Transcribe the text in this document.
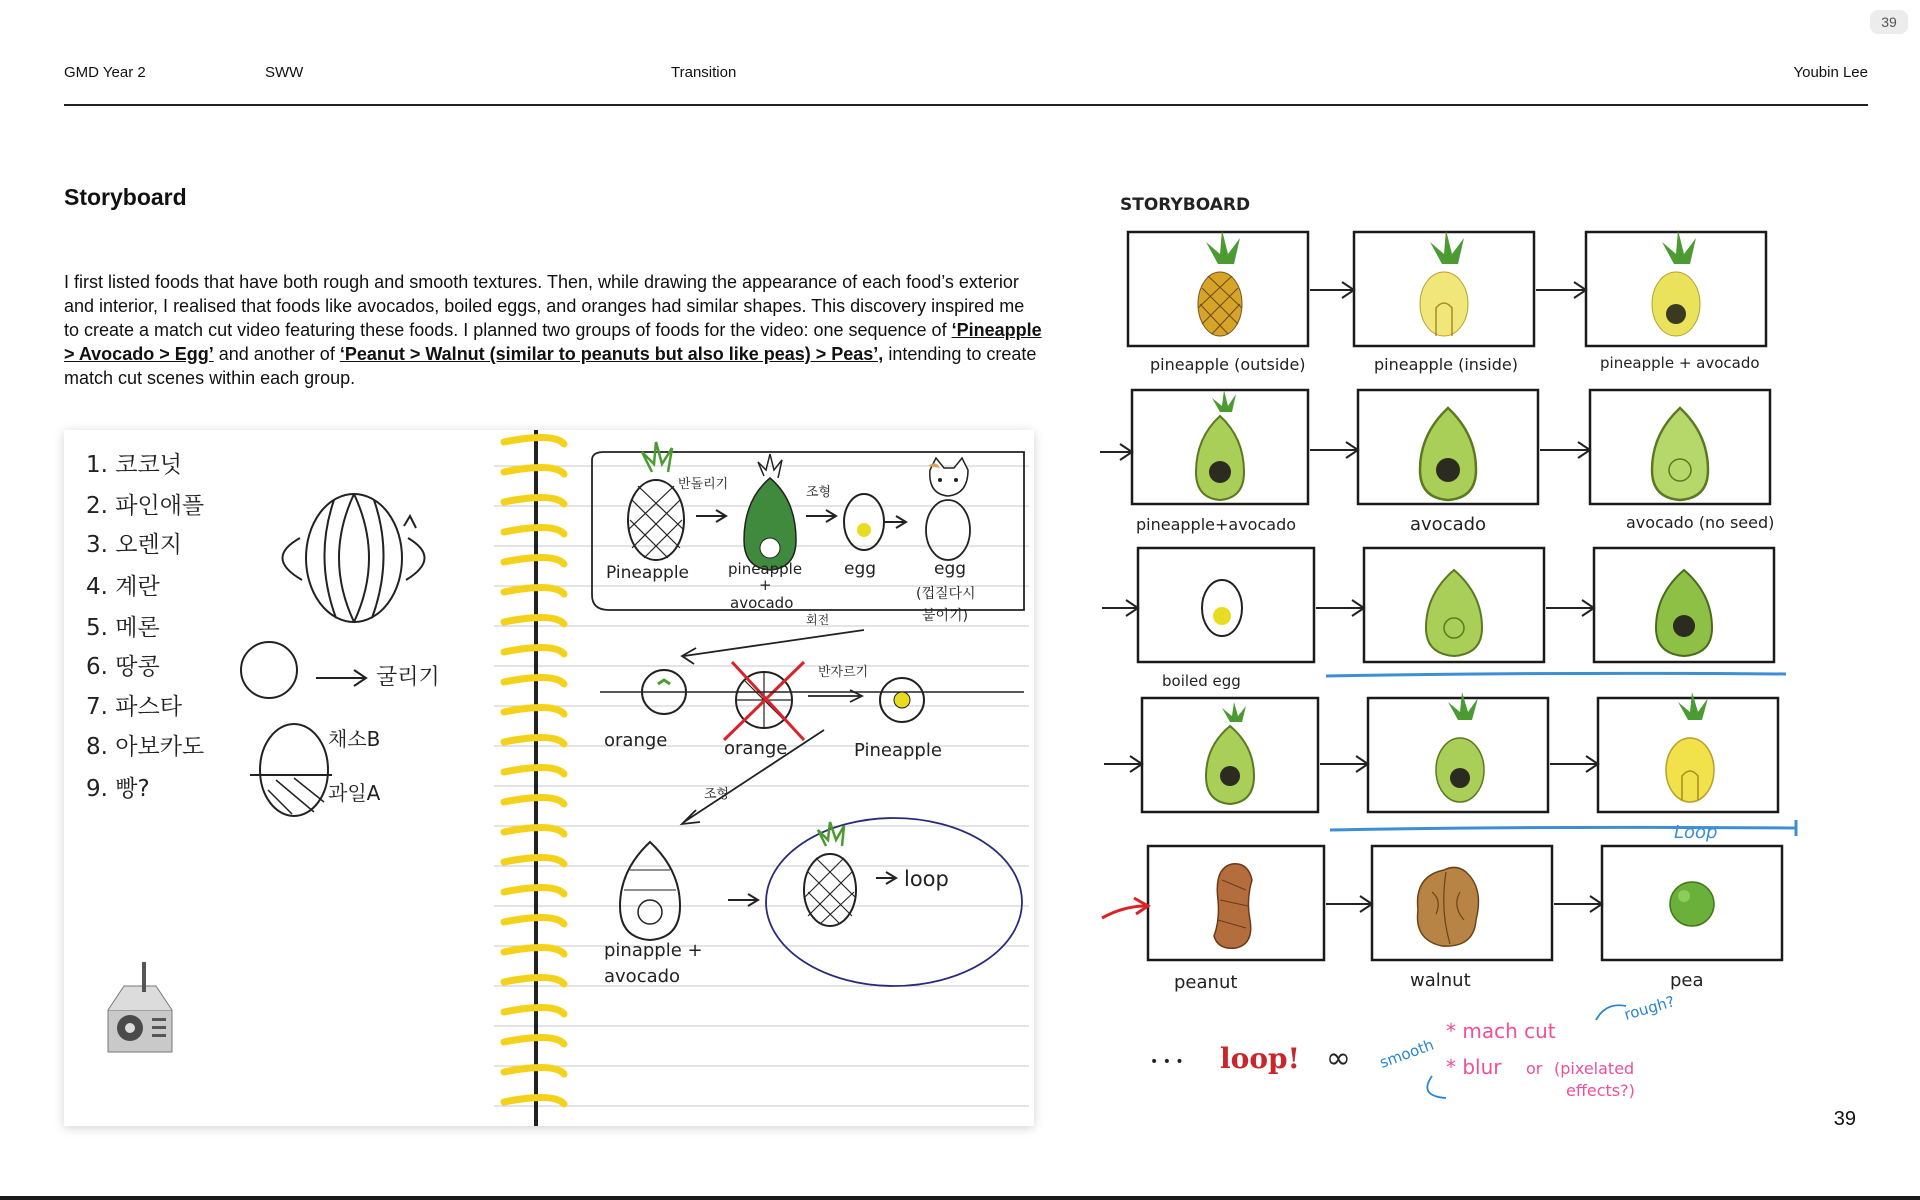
39
GMD Year 2	SWW	Transition	Youbin Lee
Storyboard

I first listed foods that have both rough and smooth textures. Then, while drawing the appearance of each food’s exterior and interior, I realised that foods like avocados, boiled eggs, and oranges had similar shapes. This discovery inspired me to create a match cut video featuring these foods. I planned two groups of foods for the video: one sequence of ‘Pineapple > Avocado > Egg’ and another of ‘Peanut > Walnut (similar to peanuts but also like peas) > Peas’, intending to create match cut scenes within each group.

1. 코코넛
2. 파인애플
3. 오렌지
4. 계란
5. 메론
6. 땅콩
7. 파스타
8. 아보카도
9. 빵?
굴리기
채소B
과일A
반돌리기
조형
Pineapple	pineapple
+
avocado
egg	egg
(껍질다시
붙이기)
회전
반자르기
orange	orange	Pineapple
조형
pinapple +
avocado
loop
STORYBOARD
Loop
pineapple (outside)	pineapple (inside)	pineapple + avocado
pineapple+avocado	avocado	avocado (no seed)
boiled egg
peanut	walnut	pea
• • • loop! ∞
* mach cut
* blur or (pixelated
effects?)
smooth
rough?
39
